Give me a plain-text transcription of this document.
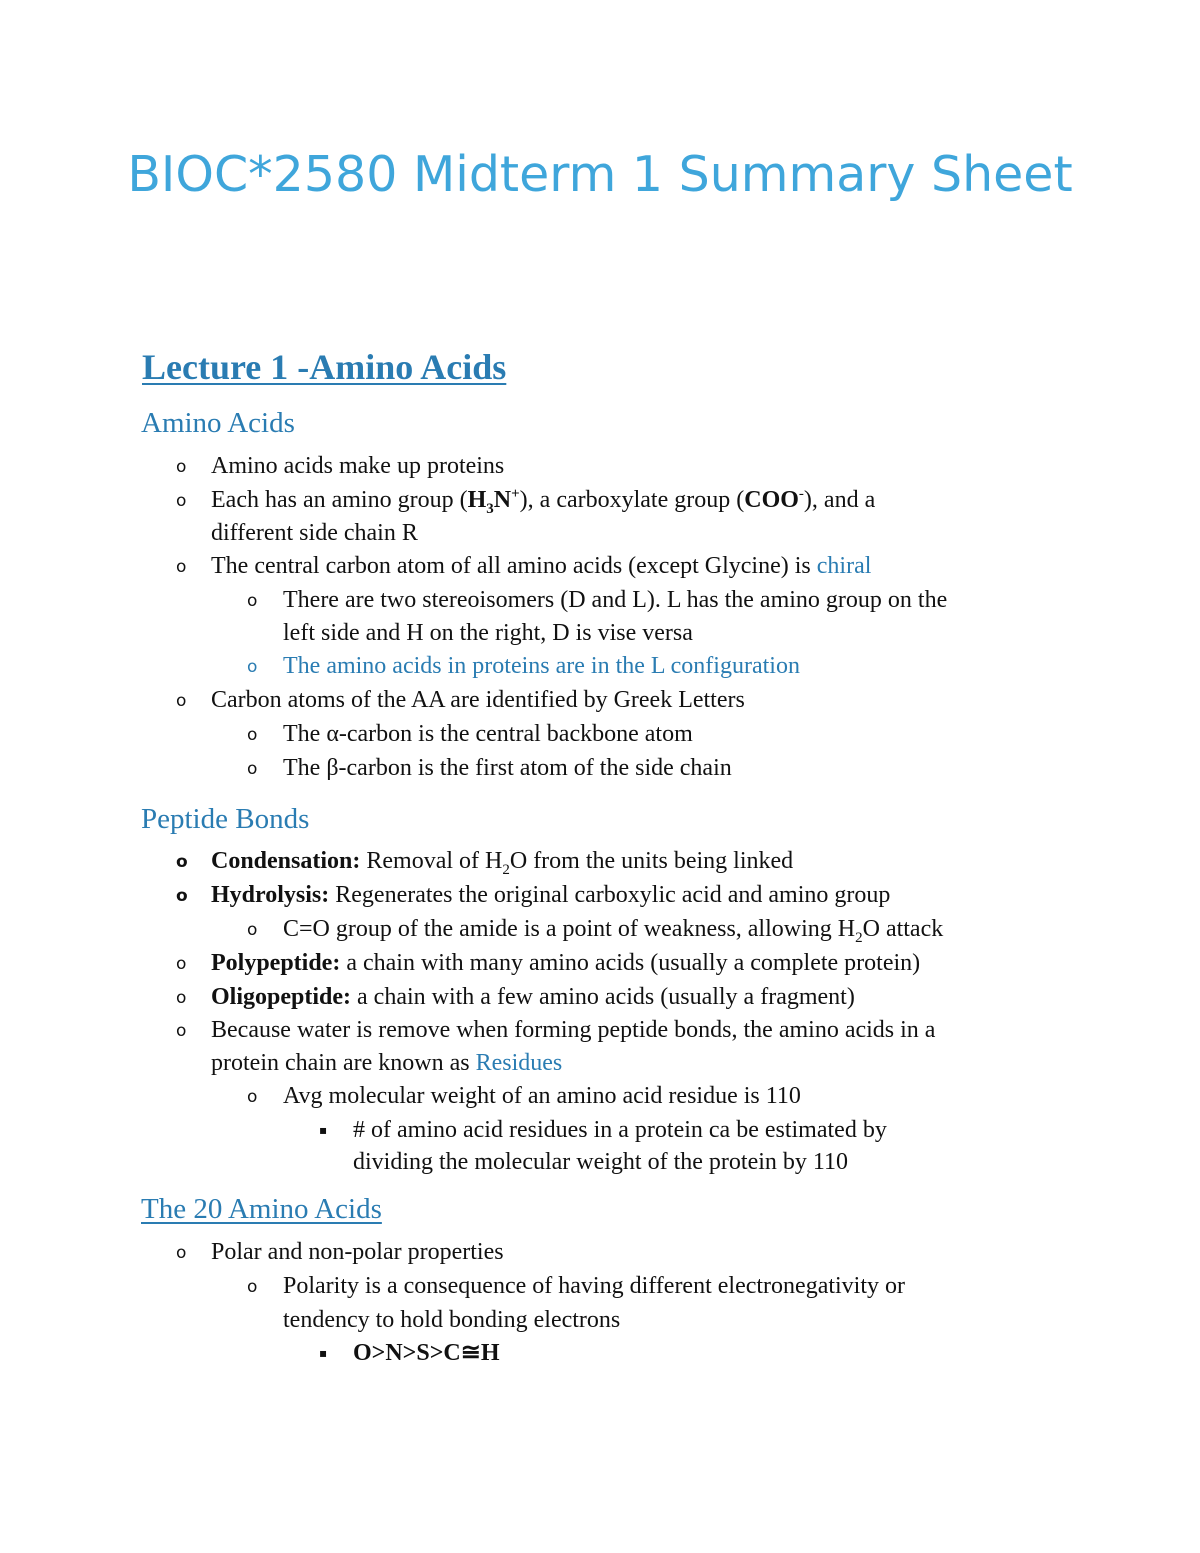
BIOC*2580 Midterm 1 Summary Sheet
Lecture 1 -Amino Acids
Amino Acids
o Amino acids make up proteins
o Each has an amino group $(H_3N^+)$, a carboxylate group (COO-), and a
different side chain R
o The central carbon atom of all amino acids (except Glycine) is chiral
o There are two stereoisomers (D and L). L has the amino group on the
left side and H on the right, D is vise versa
o The amino acids in proteins are in the L configuration
o Carbon atoms of the AA are identified by Greek Letters
o The α-carbon is the central backbone atom
o The β-carbon is the first atom of the side chain
Peptide Bonds
o Condensation: Removal of $H_2O$ from the units being linked
o Hydrolysis: Regenerates the original carboxylic acid and amino group
o C=O group of the amide is a point of weakness, allowing $H_2O$ attack
o Polypeptide: a chain with many amino acids (usually a complete protein)
o Oligopeptide: a chain with a few amino acids (usually a fragment)
o Because water is remove when forming peptide bonds, the amino acids in a
protein chain are known as Residues
o Avg molecular weight of an amino acid residue is 110
▪ # of amino acid residues in a protein ca be estimated by
dividing the molecular weight of the protein by 110
The 20 Amino Acids
o Polar and non-polar properties
o Polarity is a consequence of having different electronegativity or
tendency to hold bonding electrons
▪ O>N>S>C≅H
